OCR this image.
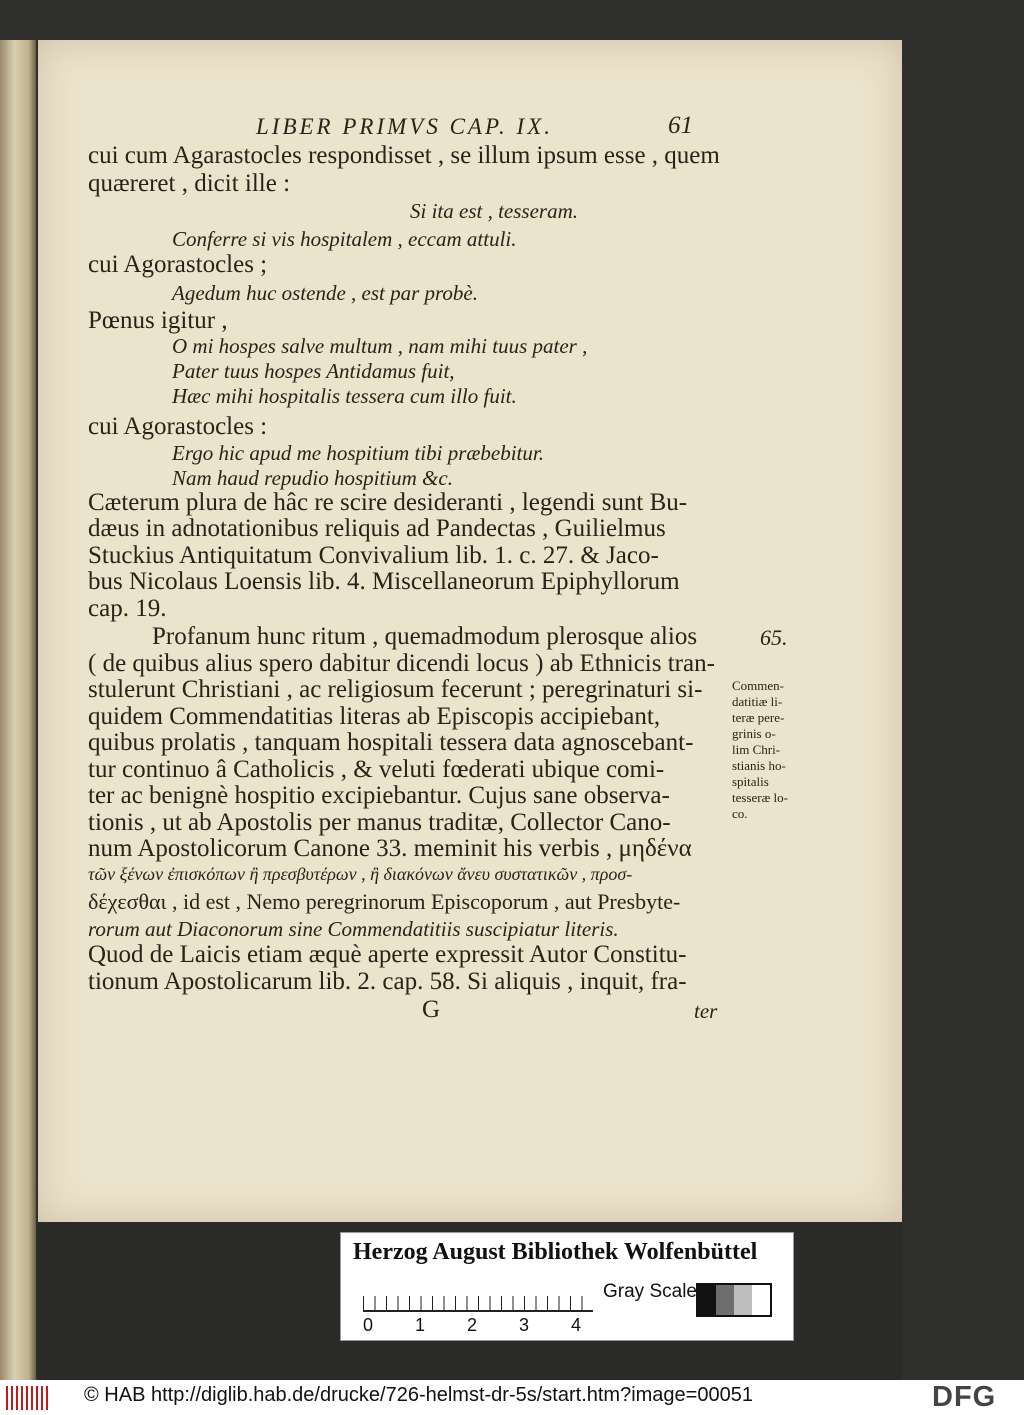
LIBER PRIMVS CAP. IX.	61
cui cum Agarastocles respondisset , se illum ipsum esse , quem
quæreret , dicit ille :
Si ita est , tesseram.
Conferre si vis hospitalem , eccam attuli.
cui Agorastocles ;
Agedum huc ostende , est par probè.
Pœnus igitur ,
O mi hospes salve multum , nam mihi tuus pater ,
Pater tuus hospes Antidamus fuit,
Hæc mihi hospitalis tessera cum illo fuit.
cui Agorastocles :
Ergo hic apud me hospitium tibi præbebitur.
Nam haud repudio hospitium &c.
Cæterum plura de hâc re scire desideranti , legendi sunt Bu-
dæus in adnotationibus reliquis ad Pandectas , Guilielmus
Stuckius Antiquitatum Convivalium lib. 1. c. 27. & Jaco-
bus Nicolaus Loensis lib. 4. Miscellaneorum Epiphyllorum
cap. 19.
Profanum hunc ritum , quemadmodum plerosque alios
( de quibus alius spero dabitur dicendi locus ) ab Ethnicis tran-
stulerunt Christiani , ac religiosum fecerunt ; peregrinaturi si-
quidem Commendatitias literas ab Episcopis accipiebant,
quibus prolatis , tanquam hospitali tessera data agnoscebant-
tur continuo â Catholicis , & veluti fœderati ubique comi-
ter ac benignè hospitio excipiebantur. Cujus sane observa-
tionis , ut ab Apostolis per manus traditæ, Collector Cano-
num Apostolicorum Canone 33. meminit his verbis , μηδένα
τῶν ξένων ἐπισκόπων ἢ πρεσβυτέρων , ἢ διακόνων ἄνευ συστατικῶν , προσ-
δέχεσθαι , id est , Nemo peregrinorum Episcoporum , aut Presbyte-
rorum aut Diaconorum sine Commendatitiis suscipiatur literis.
Quod de Laicis etiam æquè aperte expressit Autor Constitu-
tionum Apostolicarum lib. 2. cap. 58. Si aliquis , inquit, fra-
G	ter
65.
Commen-
datitiæ li-
teræ pere-
grinis o-
lim Chri-
stianis ho-
spitalis
tesseræ lo-
co.
Herzog August Bibliothek Wolfenbüttel
0 1 2 3 4
Gray Scale
© HAB http://diglib.hab.de/drucke/726-helmst-dr-5s/start.htm?image=00051	DFG
